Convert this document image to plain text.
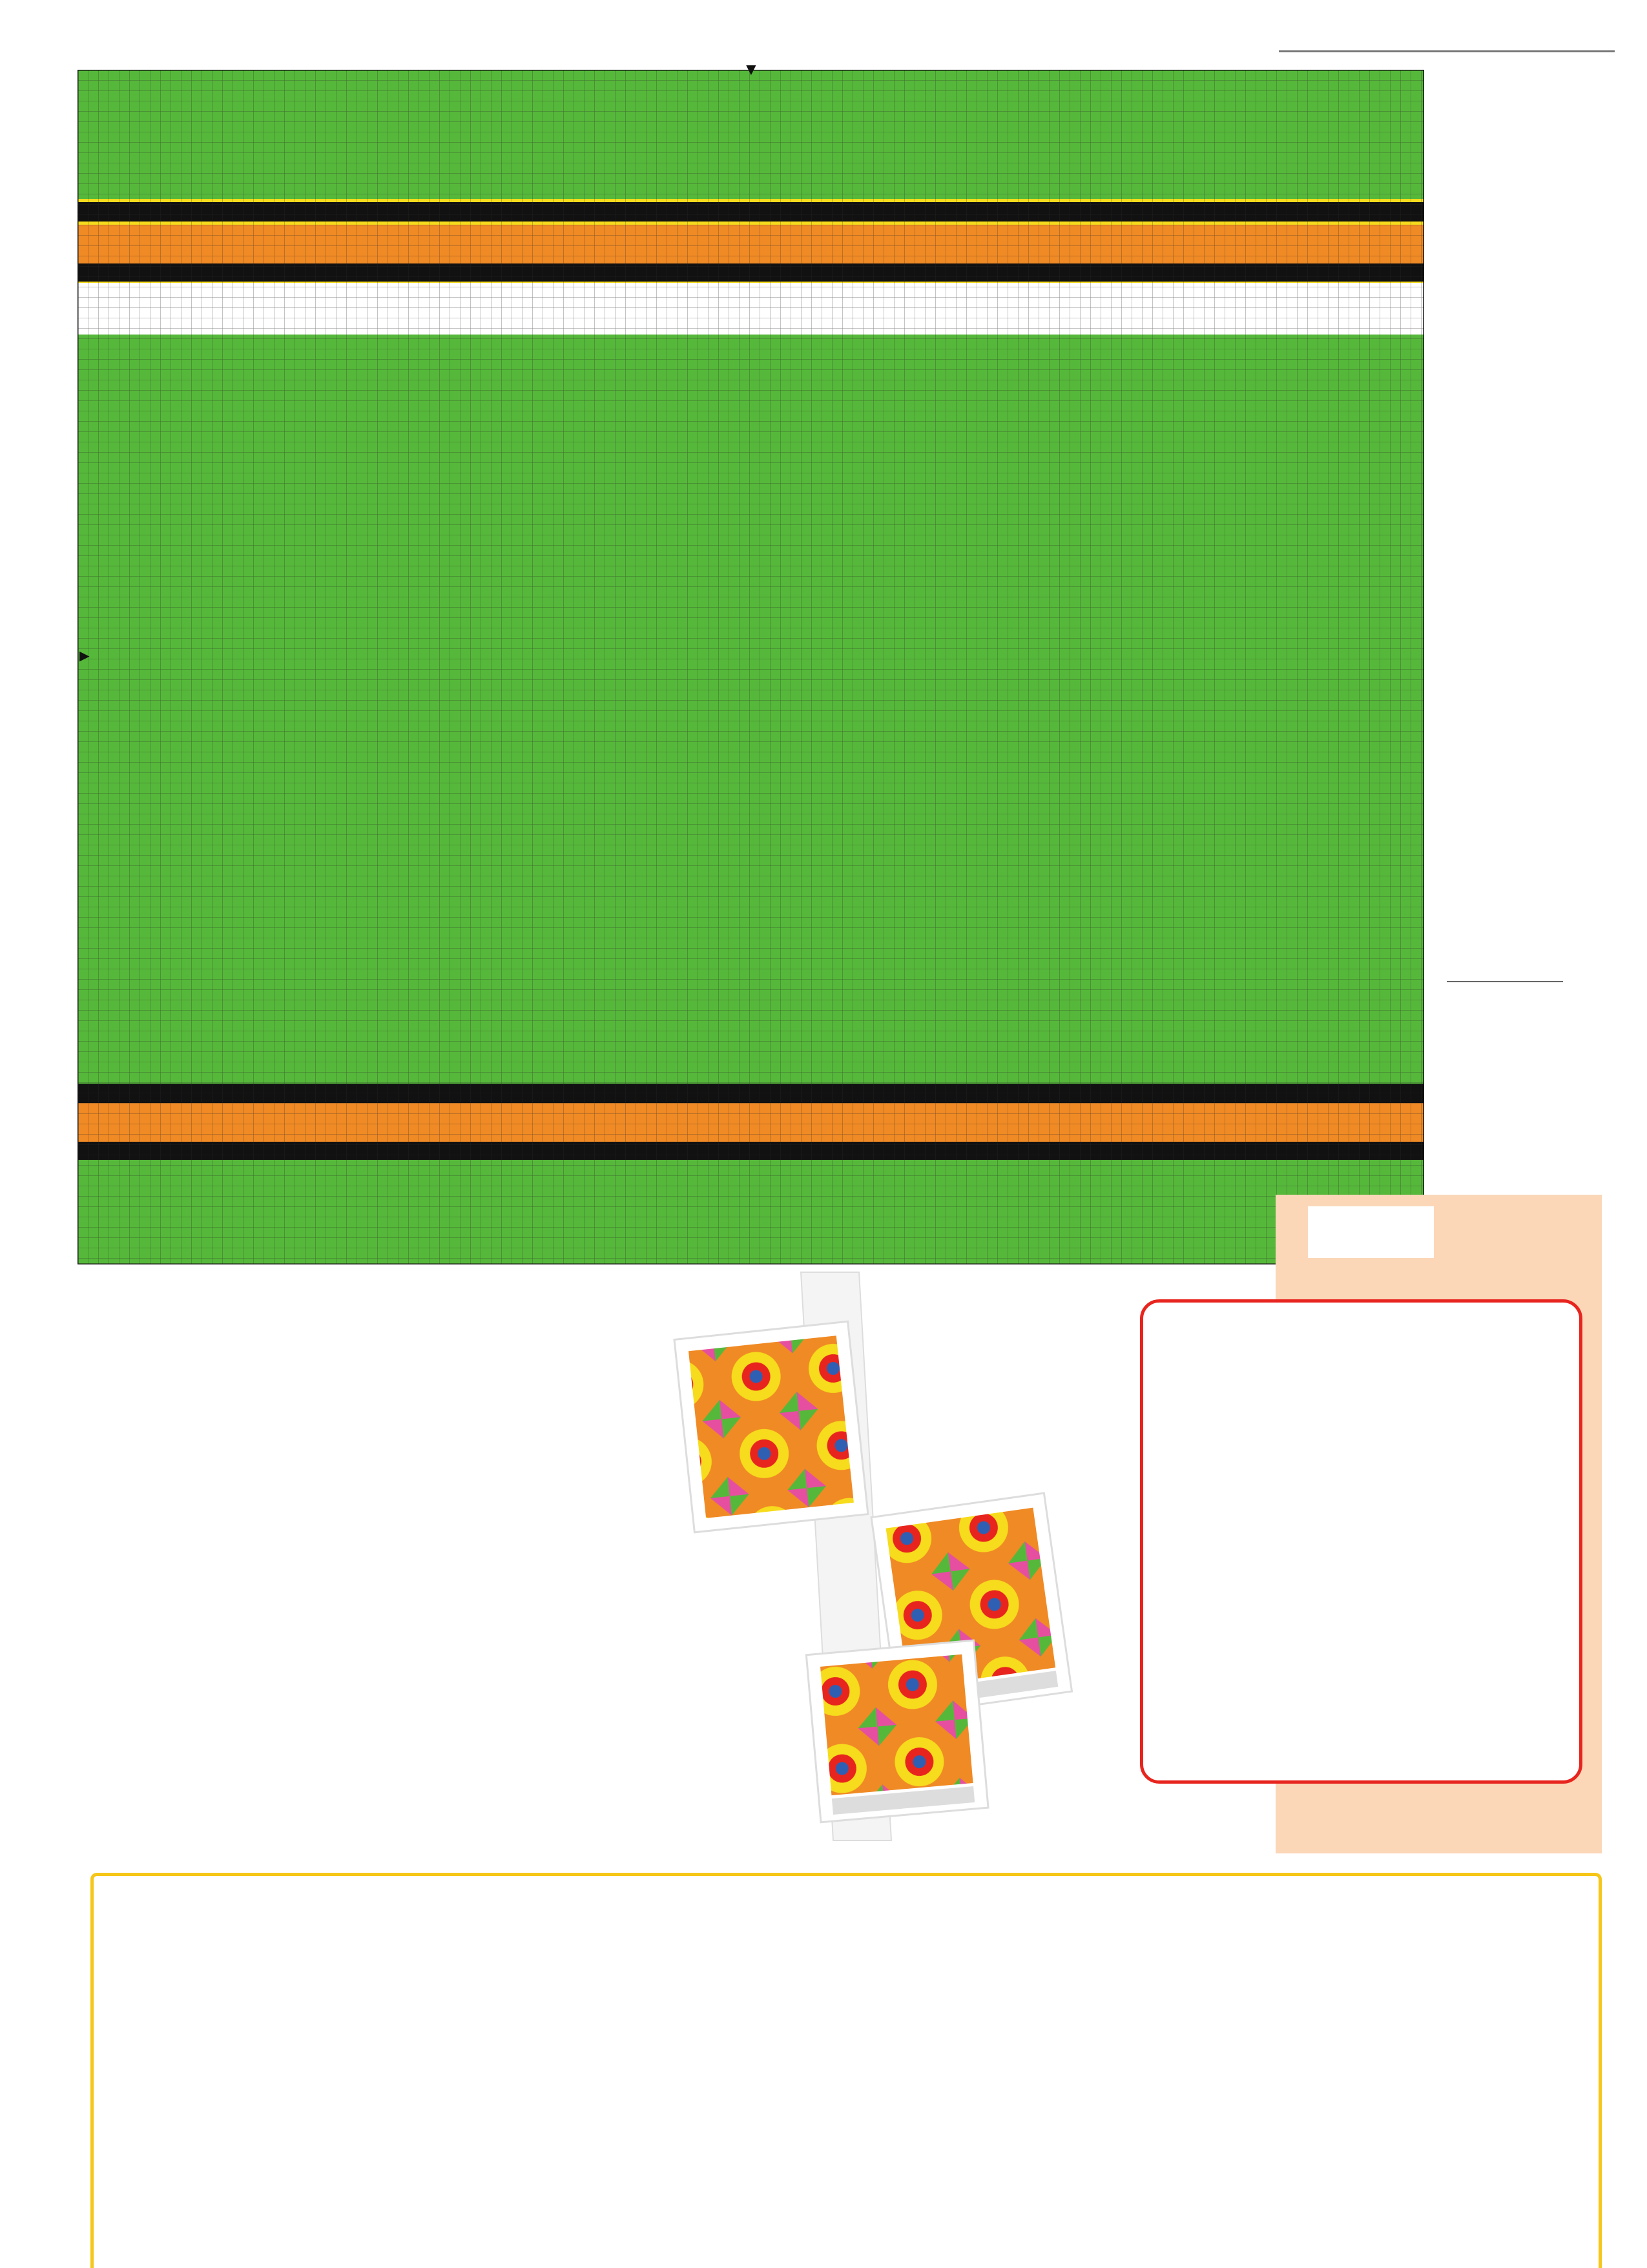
▼
►
